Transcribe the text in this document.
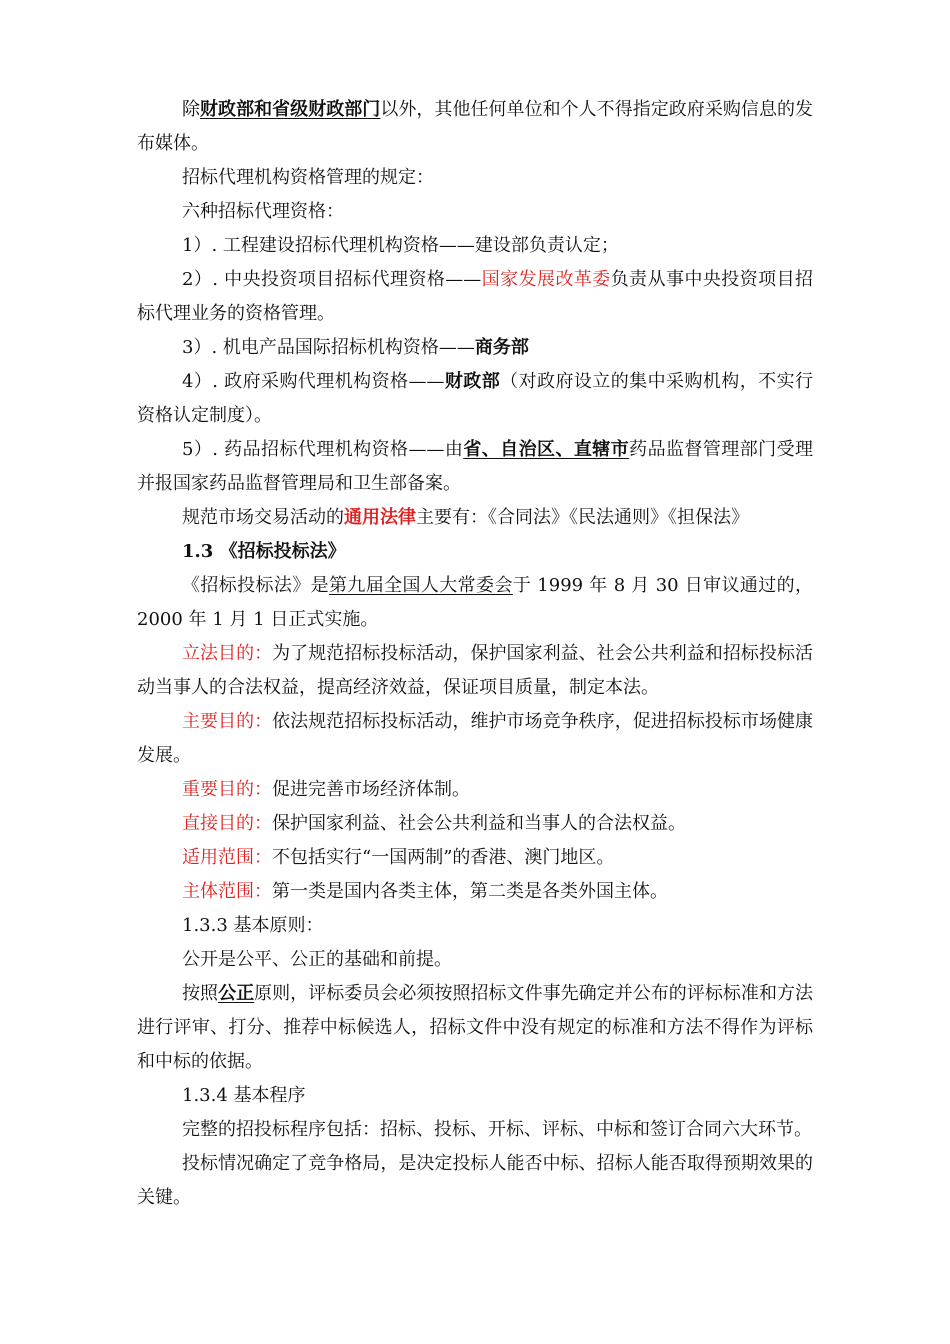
除财政部和省级财政部门以外，其他任何单位和个人不得指定政府采购信息的发布媒体。

招标代理机构资格管理的规定：

六种招标代理资格：

1）. 工程建设招标代理机构资格——建设部负责认定；

2）. 中央投资项目招标代理资格——国家发展改革委负责从事中央投资项目招标代理业务的资格管理。

3）. 机电产品国际招标机构资格——商务部

4）. 政府采购代理机构资格——财政部（对政府设立的集中采购机构，不实行资格认定制度）。

5）. 药品招标代理机构资格——由省、自治区、直辖市药品监督管理部门受理并报国家药品监督管理局和卫生部备案。

规范市场交易活动的通用法律主要有：《合同法》《民法通则》《担保法》

1.3 《招标投标法》

《招标投标法》是第九届全国人大常委会于 1999 年 8 月 30 日审议通过的，2000 年 1 月 1 日正式实施。

立法目的：为了规范招标投标活动，保护国家利益、社会公共利益和招标投标活动当事人的合法权益，提高经济效益，保证项目质量，制定本法。

主要目的：依法规范招标投标活动，维护市场竞争秩序，促进招标投标市场健康发展。

重要目的：促进完善市场经济体制。

直接目的：保护国家利益、社会公共利益和当事人的合法权益。

适用范围：不包括实行“一国两制”的香港、澳门地区。

主体范围：第一类是国内各类主体，第二类是各类外国主体。

1.3.3 基本原则：

公开是公平、公正的基础和前提。

按照公正原则，评标委员会必须按照招标文件事先确定并公布的评标标准和方法进行评审、打分、推荐中标候选人，招标文件中没有规定的标准和方法不得作为评标和中标的依据。

1.3.4 基本程序

完整的招投标程序包括：招标、投标、开标、评标、中标和签订合同六大环节。

投标情况确定了竞争格局，是决定投标人能否中标、招标人能否取得预期效果的关键。
